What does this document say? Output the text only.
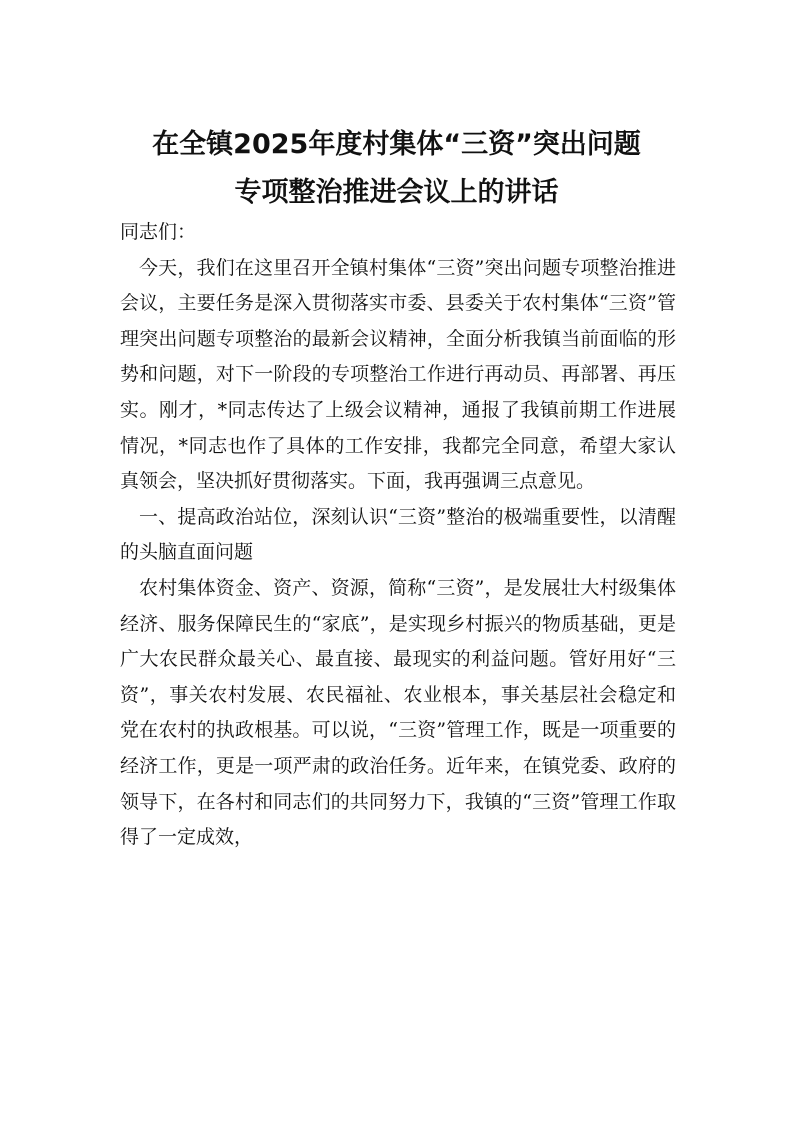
在全镇2025年度村集体“三资”突出问题
专项整治推进会议上的讲话

同志们：

今天，我们在这里召开全镇村集体“三资”突出问题专项整治推进会议，主要任务是深入贯彻落实市委、县委关于农村集体“三资”管理突出问题专项整治的最新会议精神，全面分析我镇当前面临的形势和问题，对下一阶段的专项整治工作进行再动员、再部署、再压实。刚才，*同志传达了上级会议精神，通报了我镇前期工作进展情况，*同志也作了具体的工作安排，我都完全同意，希望大家认真领会，坚决抓好贯彻落实。下面，我再强调三点意见。

一、提高政治站位，深刻认识“三资”整治的极端重要性，以清醒的头脑直面问题

农村集体资金、资产、资源，简称“三资”，是发展壮大村级集体经济、服务保障民生的“家底”，是实现乡村振兴的物质基础，更是广大农民群众最关心、最直接、最现实的利益问题。管好用好“三资”，事关农村发展、农民福祉、农业根本，事关基层社会稳定和党在农村的执政根基。可以说，“三资”管理工作，既是一项重要的经济工作，更是一项严肃的政治任务。近年来，在镇党委、政府的领导下，在各村和同志们的共同努力下，我镇的“三资”管理工作取得了一定成效，
